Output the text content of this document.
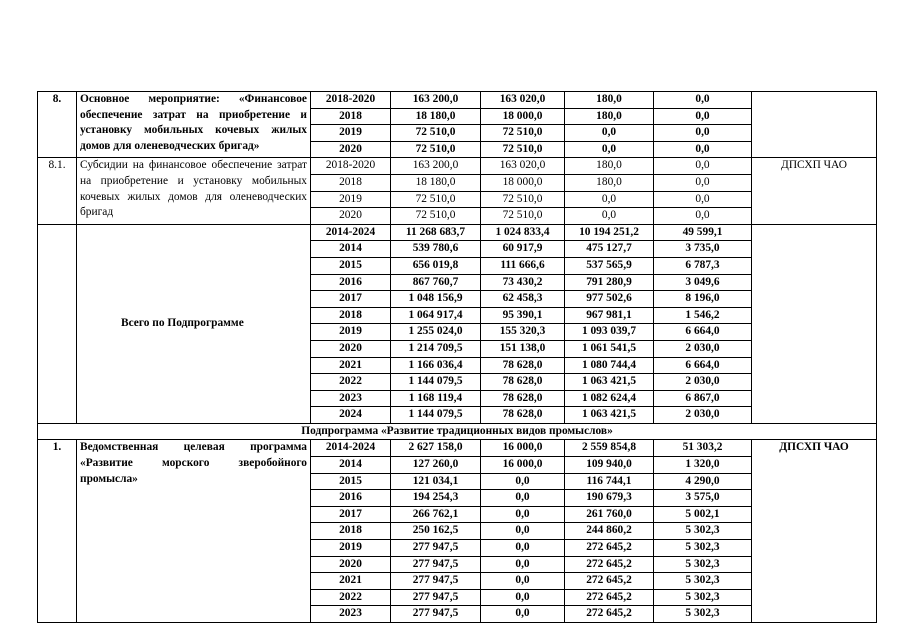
8.	Основное мероприятие: «Финансовое обеспечение затрат на приобретение и установку мобильных кочевых жилых домов для оленеводческих бригад»	2018-2020	163 200,0	163 020,0	180,0	0,0	
		2018	18 180,0	18 000,0	180,0	0,0	
		2019	72 510,0	72 510,0	0,0	0,0	
		2020	72 510,0	72 510,0	0,0	0,0	
8.1.	Субсидии на финансовое обеспечение затрат на приобретение и установку мобильных кочевых жилых домов для оленеводческих бригад	2018-2020	163 200,0	163 020,0	180,0	0,0	ДПСХП ЧАО
		2018	18 180,0	18 000,0	180,0	0,0	
		2019	72 510,0	72 510,0	0,0	0,0	
		2020	72 510,0	72 510,0	0,0	0,0	
	Всего по Подпрограмме	2014-2024	11 268 683,7	1 024 833,4	10 194 251,2	49 599,1	
		2014	539 780,6	60 917,9	475 127,7	3 735,0	
		2015	656 019,8	111 666,6	537 565,9	6 787,3	
		2016	867 760,7	73 430,2	791 280,9	3 049,6	
		2017	1 048 156,9	62 458,3	977 502,6	8 196,0	
		2018	1 064 917,4	95 390,1	967 981,1	1 546,2	
		2019	1 255 024,0	155 320,3	1 093 039,7	6 664,0	
		2020	1 214 709,5	151 138,0	1 061 541,5	2 030,0	
		2021	1 166 036,4	78 628,0	1 080 744,4	6 664,0	
		2022	1 144 079,5	78 628,0	1 063 421,5	2 030,0	
		2023	1 168 119,4	78 628,0	1 082 624,4	6 867,0	
		2024	1 144 079,5	78 628,0	1 063 421,5	2 030,0	
Подпрограмма «Развитие традиционных видов промыслов»							
1.	Ведомственная целевая программа «Развитие морского зверобойного промысла»	2014-2024	2 627 158,0	16 000,0	2 559 854,8	51 303,2	ДПСХП ЧАО
		2014	127 260,0	16 000,0	109 940,0	1 320,0	
		2015	121 034,1	0,0	116 744,1	4 290,0	
		2016	194 254,3	0,0	190 679,3	3 575,0	
		2017	266 762,1	0,0	261 760,0	5 002,1	
		2018	250 162,5	0,0	244 860,2	5 302,3	
		2019	277 947,5	0,0	272 645,2	5 302,3	
		2020	277 947,5	0,0	272 645,2	5 302,3	
		2021	277 947,5	0,0	272 645,2	5 302,3	
		2022	277 947,5	0,0	272 645,2	5 302,3	
		2023	277 947,5	0,0	272 645,2	5 302,3	
